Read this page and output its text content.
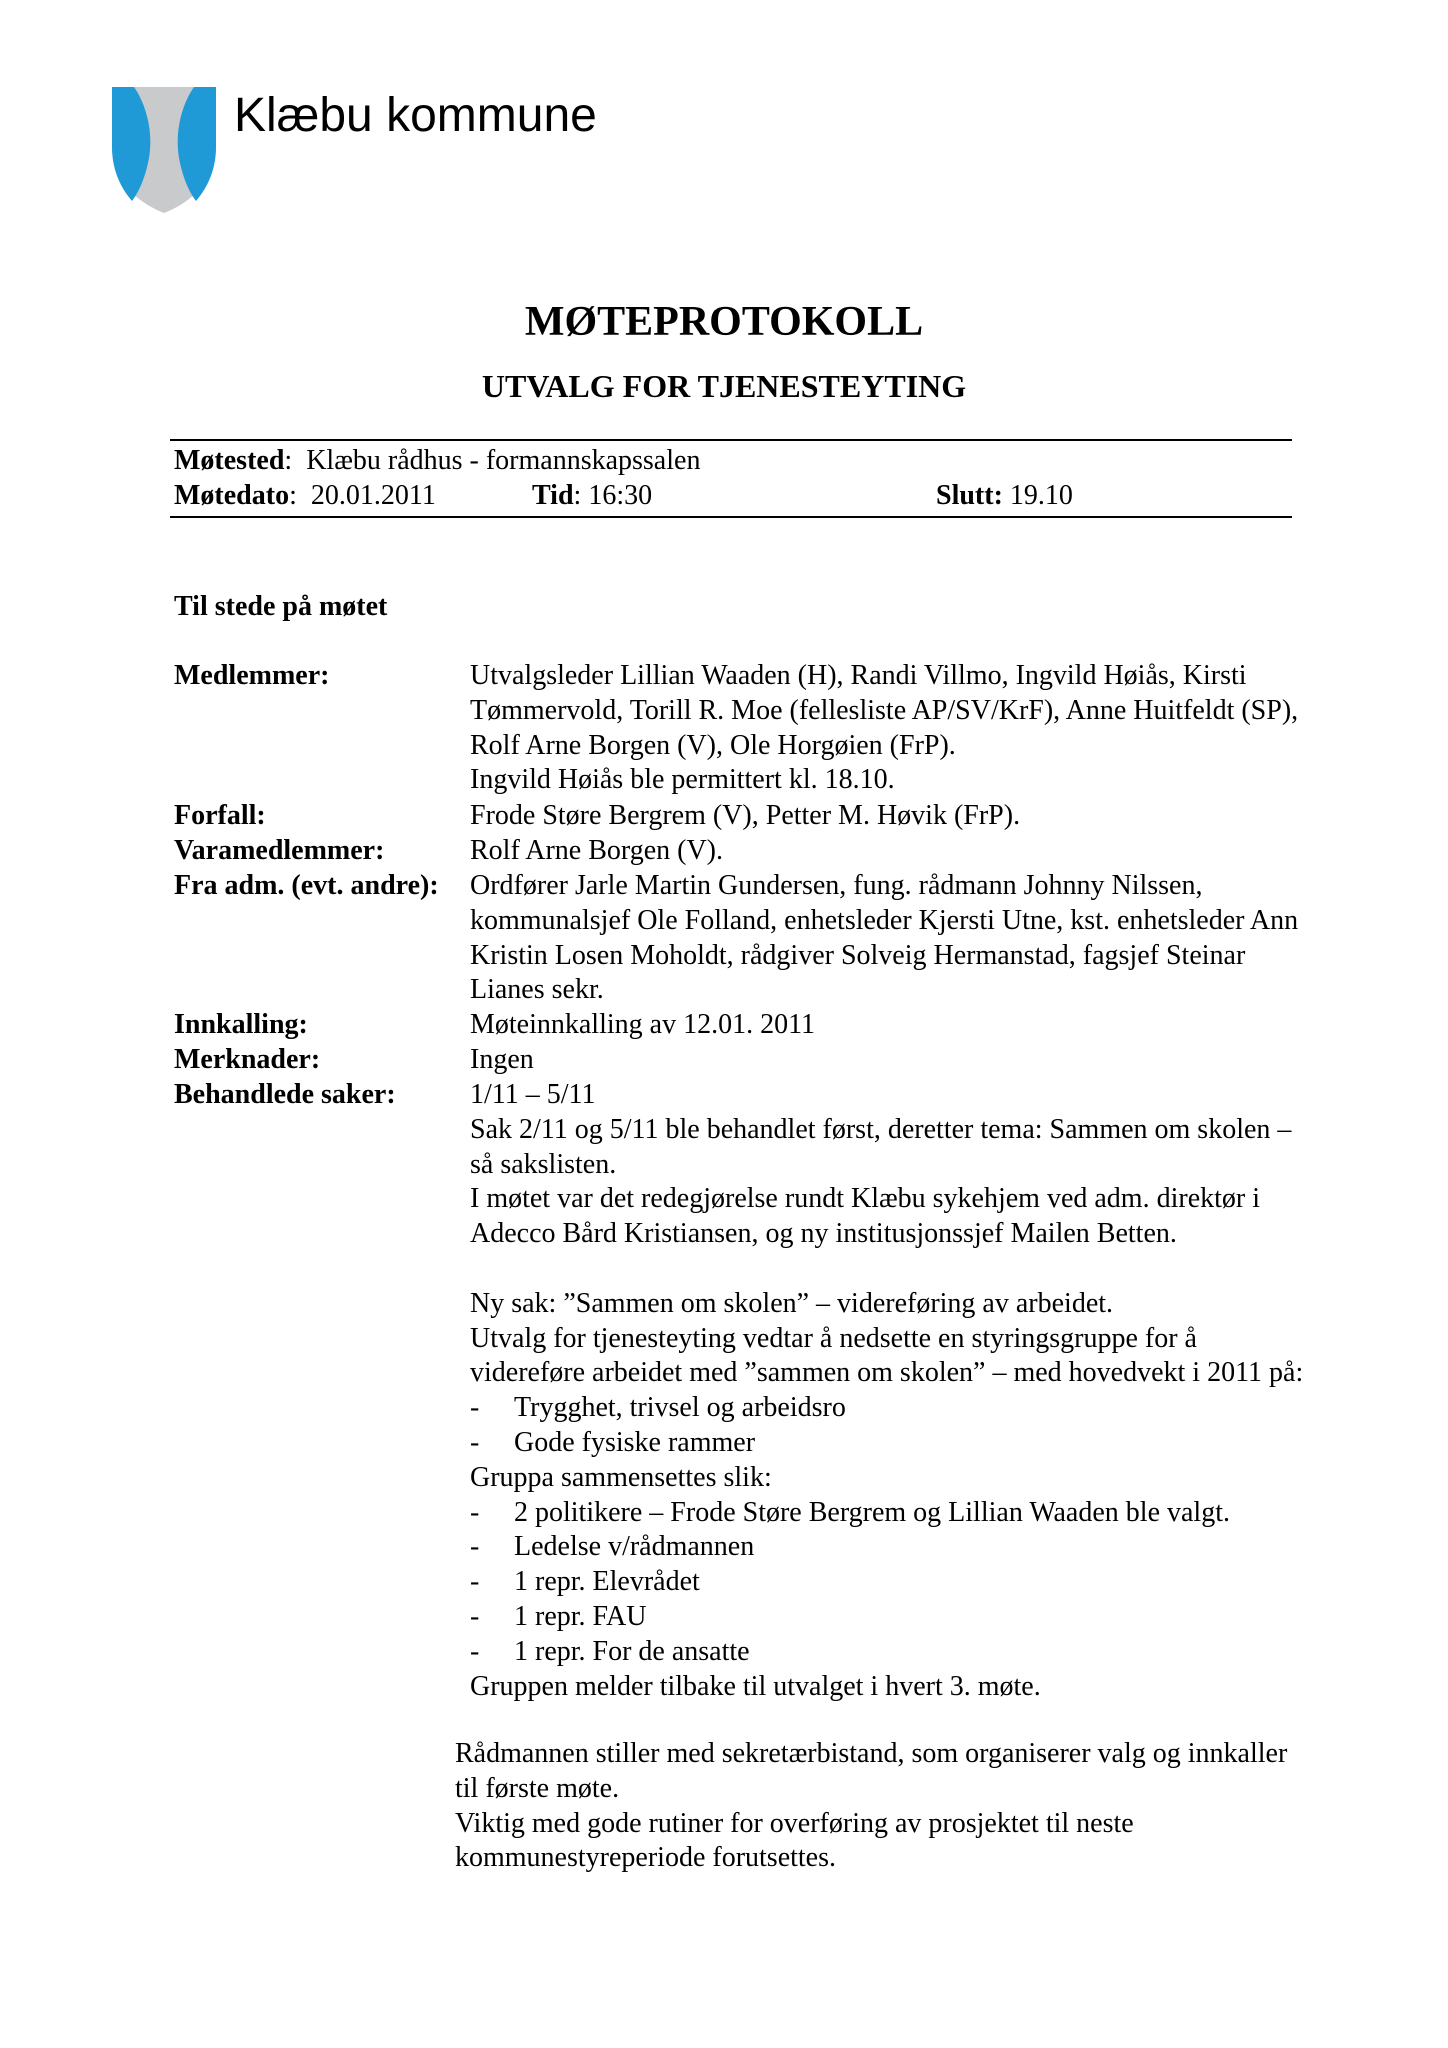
Klæbu kommune
MØTEPROTOKOLL
UTVALG FOR TJENESTEYTING
Møtested:  Klæbu rådhus - formannskapssalen
Møtedato:  20.01.2011	Tid: 16:30	Slutt: 19.10
Til stede på møtet
Medlemmer:	Utvalgsleder Lillian Waaden (H), Randi Villmo, Ingvild Høiås, Kirsti Tømmervold, Torill R. Moe (fellesliste AP/SV/KrF), Anne Huitfeldt (SP), Rolf Arne Borgen (V), Ole Horgøien (FrP).

Ingvild Høiås ble permittert kl. 18.10.

Forfall:	Frode Støre Bergrem (V), Petter M. Høvik (FrP).
Varamedlemmer:	Rolf Arne Borgen (V).
Fra adm. (evt. andre): Ordfører Jarle Martin Gundersen, fung. rådmann Johnny Nilssen, kommunalsjef Ole Folland, enhetsleder Kjersti Utne, kst. enhetsleder Ann Kristin Losen Moholdt, rådgiver Solveig Hermanstad, fagsjef Steinar Lianes sekr.
Innkalling:	Møteinnkalling av 12.01. 2011
Merknader:	Ingen
Behandlede saker:	1/11 – 5/11

Sak 2/11 og 5/11 ble behandlet først, deretter tema: Sammen om skolen – så sakslisten.

I møtet var det redegjørelse rundt Klæbu sykehjem ved adm. direktør i Adecco Bård Kristiansen, og ny institusjonssjef Mailen Betten.

Ny sak: ”Sammen om skolen” – videreføring av arbeidet.

Utvalg for tjenesteyting vedtar å nedsette en styringsgruppe for å videreføre arbeidet med ”sammen om skolen” – med hovedvekt i 2011 på:

- Trygghet, trivsel og arbeidsro
- Gode fysiske rammer

Gruppa sammensettes slik:

- 2 politikere – Frode Støre Bergrem og Lillian Waaden ble valgt.
- Ledelse v/rådmannen
- 1 repr. Elevrådet
- 1 repr. FAU
- 1 repr. For de ansatte

Gruppen melder tilbake til utvalget i hvert 3. møte.

Rådmannen stiller med sekretærbistand, som organiserer valg og innkaller til første møte.

Viktig med gode rutiner for overføring av prosjektet til neste kommunestyreperiode forutsettes.
